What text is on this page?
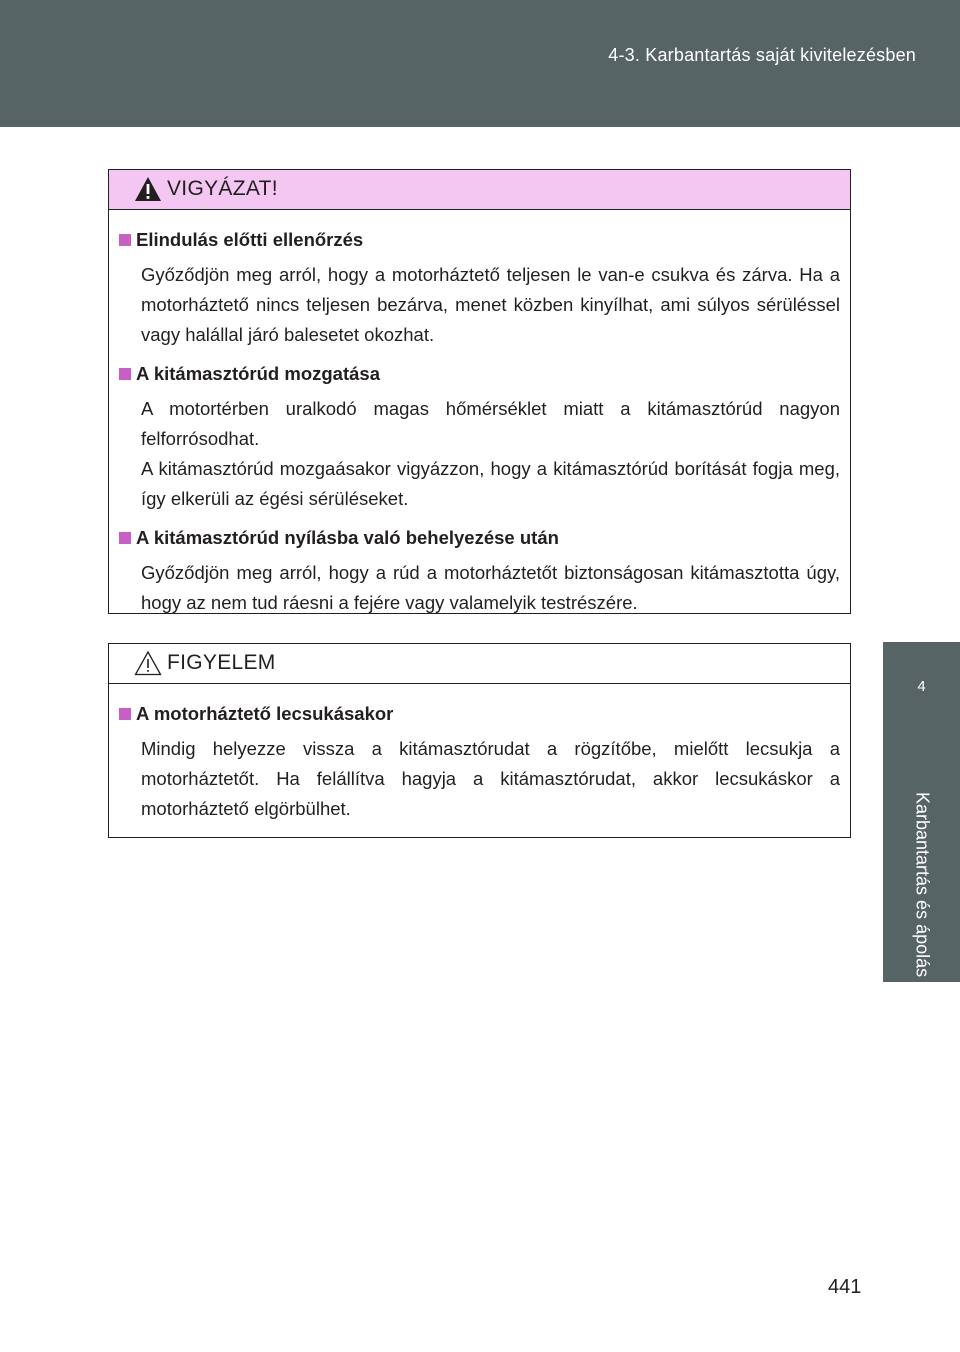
4-3. Karbantartás saját kivitelezésben
4
Karbantartás és ápolás
VIGYÁZAT!
Elindulás előtti ellenőrzés

Győződjön meg arról, hogy a motorháztető teljesen le van-e csukva és zárva. Ha a motorháztető nincs teljesen bezárva, menet közben kinyílhat, ami súlyos sérüléssel vagy halállal járó balesetet okozhat.

A kitámasztórúd mozgatása

A motortérben uralkodó magas hőmérséklet miatt a kitámasztórúd nagyon felforrósodhat.

A kitámasztórúd mozgaásakor vigyázzon, hogy a kitámasztórúd borítását fogja meg, így elkerüli az égési sérüléseket.

A kitámasztórúd nyílásba való behelyezése után

Győződjön meg arról, hogy a rúd a motorháztetőt biztonságosan kitámasztotta úgy, hogy az nem tud ráesni a fejére vagy valamelyik testrészére.

FIGYELEM
A motorháztető lecsukásakor

Mindig helyezze vissza a kitámasztórudat a rögzítőbe, mielőtt lecsukja a motorháztetőt. Ha felállítva hagyja a kitámasztórudat, akkor lecsukáskor a motorháztető elgörbülhet.

441
